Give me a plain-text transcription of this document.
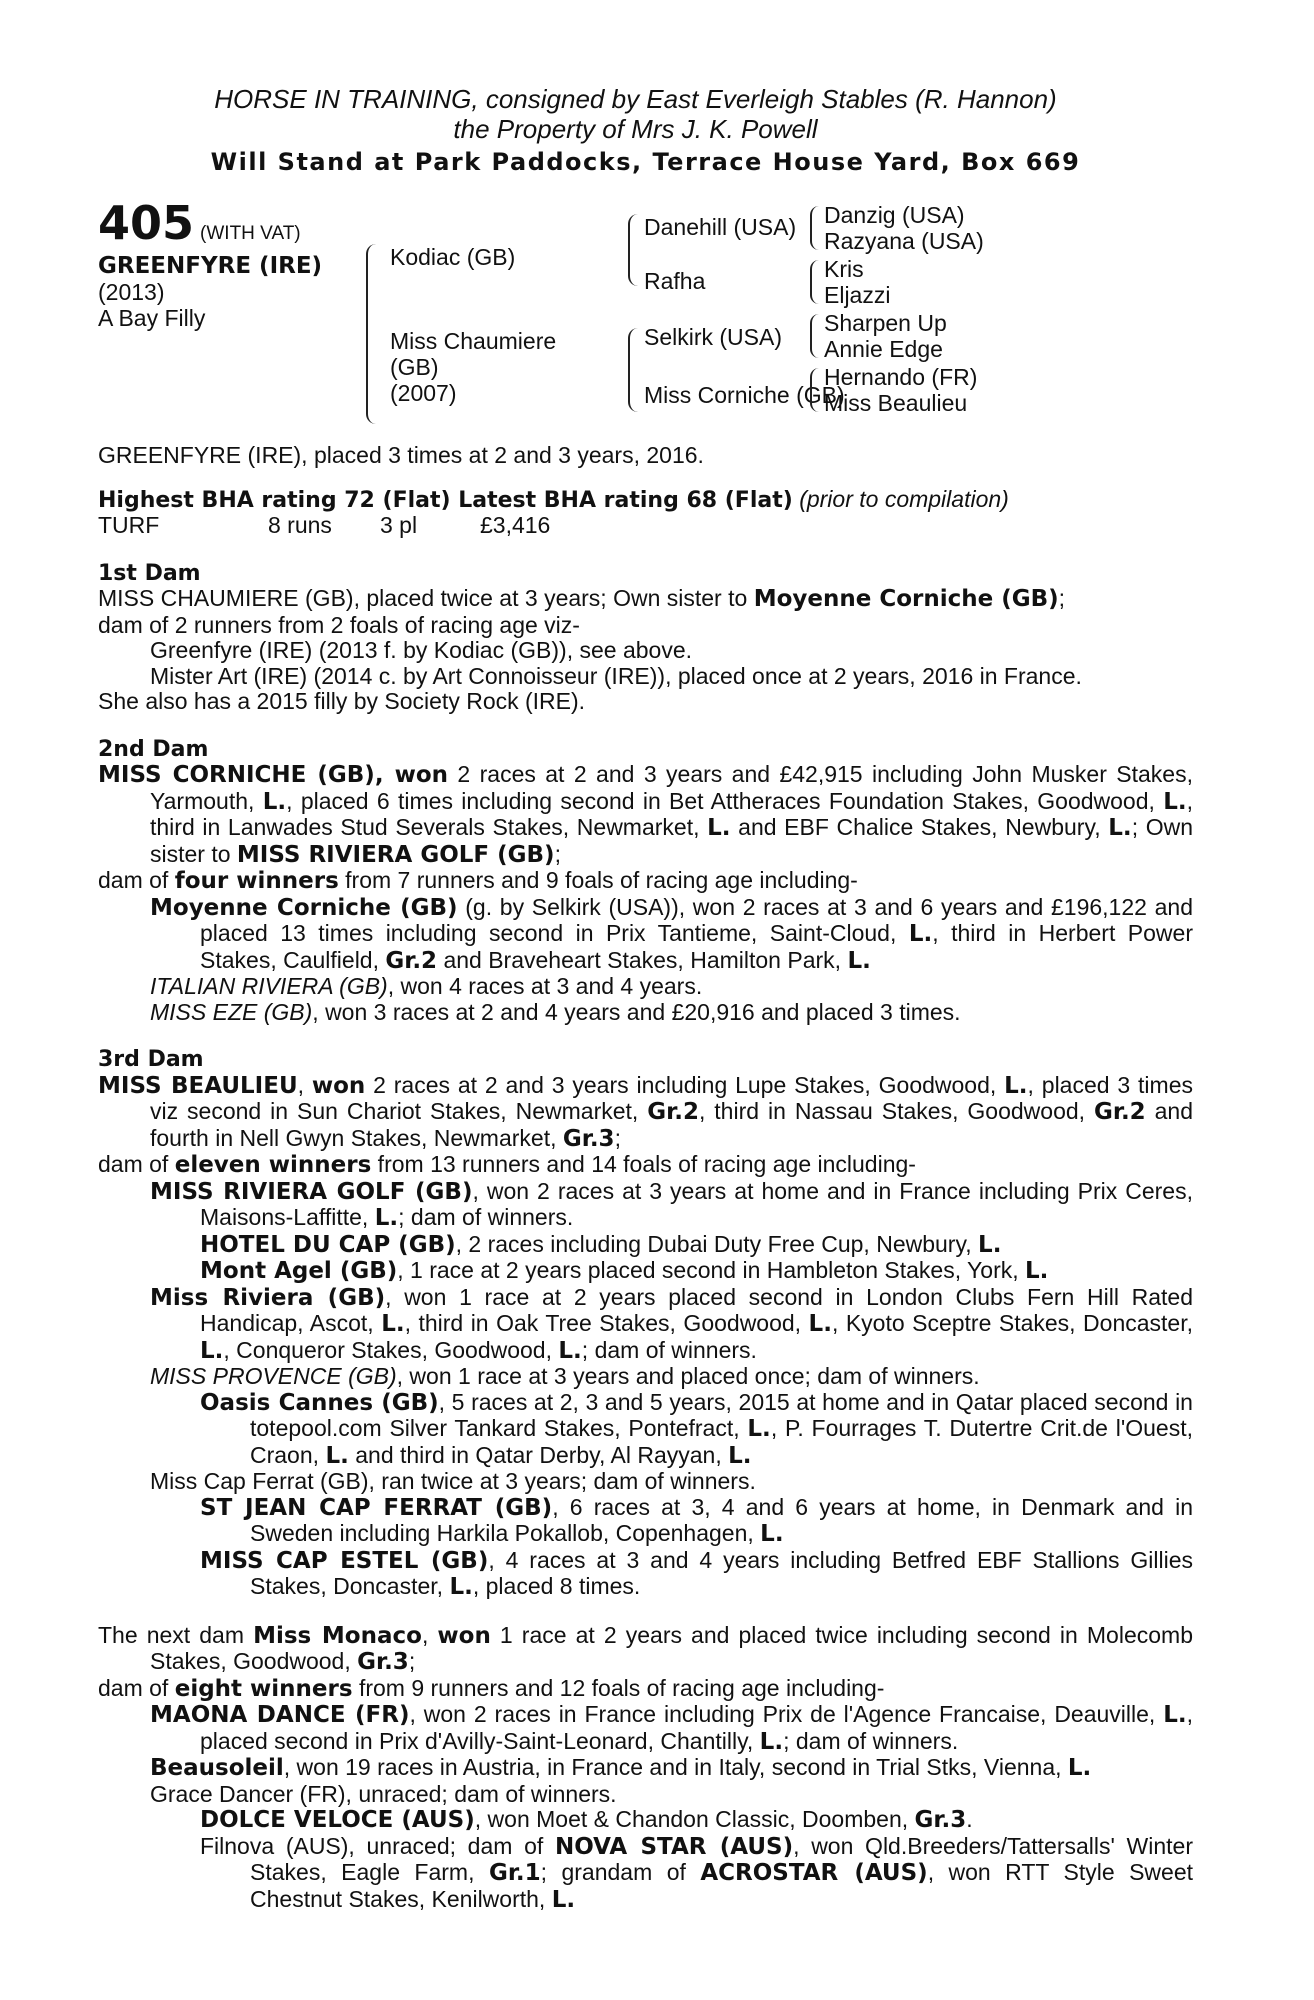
HORSE IN TRAINING, consigned by East Everleigh Stables (R. Hannon)
the Property of Mrs J. K. Powell
Will Stand at Park Paddocks, Terrace House Yard, Box 669
405 (WITH VAT)
GREENFYRE (IRE)
(2013)
A Bay Filly
Kodiac (GB)
Miss Chaumiere
(GB)
(2007)
Danehill (USA)
Rafha
Selkirk (USA)
Miss Corniche (GB)
Danzig (USA)
Razyana (USA)
Kris
Eljazzi
Sharpen Up
Annie Edge
Hernando (FR)
Miss Beaulieu

GREENFYRE (IRE), placed 3 times at 2 and 3 years, 2016.

Highest BHA rating 72 (Flat) Latest BHA rating 68 (Flat) (prior to compilation)

TURF	8 runs 3 pl	£3,416

1st Dam

MISS CHAUMIERE (GB), placed twice at 3 years; Own sister to Moyenne Corniche (GB);

dam of 2 runners from 2 foals of racing age viz-

Greenfyre (IRE) (2013 f. by Kodiac (GB)), see above.

Mister Art (IRE) (2014 c. by Art Connoisseur (IRE)), placed once at 2 years, 2016 in France.

She also has a 2015 filly by Society Rock (IRE).

2nd Dam

MISS CORNICHE (GB), won 2 races at 2 and 3 years and £42,915 including John Musker Stakes, Yarmouth, L., placed 6 times including second in Bet Attheraces Foundation Stakes, Goodwood, L., third in Lanwades Stud Severals Stakes, Newmarket, L. and EBF Chalice Stakes, Newbury, L.; Own sister to MISS RIVIERA GOLF (GB);

dam of four winners from 7 runners and 9 foals of racing age including-

Moyenne Corniche (GB) (g. by Selkirk (USA)), won 2 races at 3 and 6 years and £196,122 and placed 13 times including second in Prix Tantieme, Saint-Cloud, L., third in Herbert Power Stakes, Caulfield, Gr.2 and Braveheart Stakes, Hamilton Park, L.

ITALIAN RIVIERA (GB), won 4 races at 3 and 4 years.

MISS EZE (GB), won 3 races at 2 and 4 years and £20,916 and placed 3 times.

3rd Dam

MISS BEAULIEU, won 2 races at 2 and 3 years including Lupe Stakes, Goodwood, L., placed 3 times viz second in Sun Chariot Stakes, Newmarket, Gr.2, third in Nassau Stakes, Goodwood, Gr.2 and fourth in Nell Gwyn Stakes, Newmarket, Gr.3;

dam of eleven winners from 13 runners and 14 foals of racing age including-

MISS RIVIERA GOLF (GB), won 2 races at 3 years at home and in France including Prix Ceres, Maisons-Laffitte, L.; dam of winners.

HOTEL DU CAP (GB), 2 races including Dubai Duty Free Cup, Newbury, L.

Mont Agel (GB), 1 race at 2 years placed second in Hambleton Stakes, York, L.

Miss Riviera (GB), won 1 race at 2 years placed second in London Clubs Fern Hill Rated Handicap, Ascot, L., third in Oak Tree Stakes, Goodwood, L., Kyoto Sceptre Stakes, Doncaster, L., Conqueror Stakes, Goodwood, L.; dam of winners.

MISS PROVENCE (GB), won 1 race at 3 years and placed once; dam of winners.

Oasis Cannes (GB), 5 races at 2, 3 and 5 years, 2015 at home and in Qatar placed second in totepool.com Silver Tankard Stakes, Pontefract, L., P. Fourrages T. Dutertre Crit.de l'Ouest, Craon, L. and third in Qatar Derby, Al Rayyan, L.

Miss Cap Ferrat (GB), ran twice at 3 years; dam of winners.

ST JEAN CAP FERRAT (GB), 6 races at 3, 4 and 6 years at home, in Denmark and in Sweden including Harkila Pokallob, Copenhagen, L.

MISS CAP ESTEL (GB), 4 races at 3 and 4 years including Betfred EBF Stallions Gillies Stakes, Doncaster, L., placed 8 times.

The next dam Miss Monaco, won 1 race at 2 years and placed twice including second in Molecomb Stakes, Goodwood, Gr.3;

dam of eight winners from 9 runners and 12 foals of racing age including-

MAONA DANCE (FR), won 2 races in France including Prix de l'Agence Francaise, Deauville, L., placed second in Prix d'Avilly-Saint-Leonard, Chantilly, L.; dam of winners.

Beausoleil, won 19 races in Austria, in France and in Italy, second in Trial Stks, Vienna, L.

Grace Dancer (FR), unraced; dam of winners.

DOLCE VELOCE (AUS), won Moet & Chandon Classic, Doomben, Gr.3.

Filnova (AUS), unraced; dam of NOVA STAR (AUS), won Qld.Breeders/Tattersalls' Winter Stakes, Eagle Farm, Gr.1; grandam of ACROSTAR (AUS), won RTT Style Sweet Chestnut Stakes, Kenilworth, L.
